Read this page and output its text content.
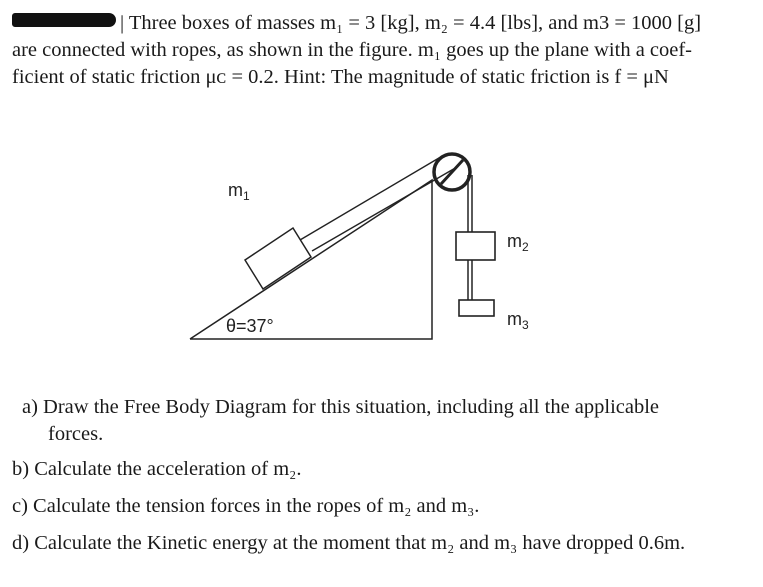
| Three boxes of masses m₁ = 3 [kg], m₂ = 4.4 [lbs], and m3 = 1000 [g]
are connected with ropes, as shown in the figure. m₁ goes up the plane with a coef-
ficient of static friction μᴄ = 0.2. Hint: The magnitude of static friction is f = μN

$m_1$
$m_2$
$m_3$
θ=37°
a) Draw the Free Body Diagram for this situation, including all the applicable
forces.

b) Calculate the acceleration of m₂.

c) Calculate the tension forces in the ropes of m₂ and m₃.

d) Calculate the Kinetic energy at the moment that m₂ and m₃ have dropped 0.6m.
